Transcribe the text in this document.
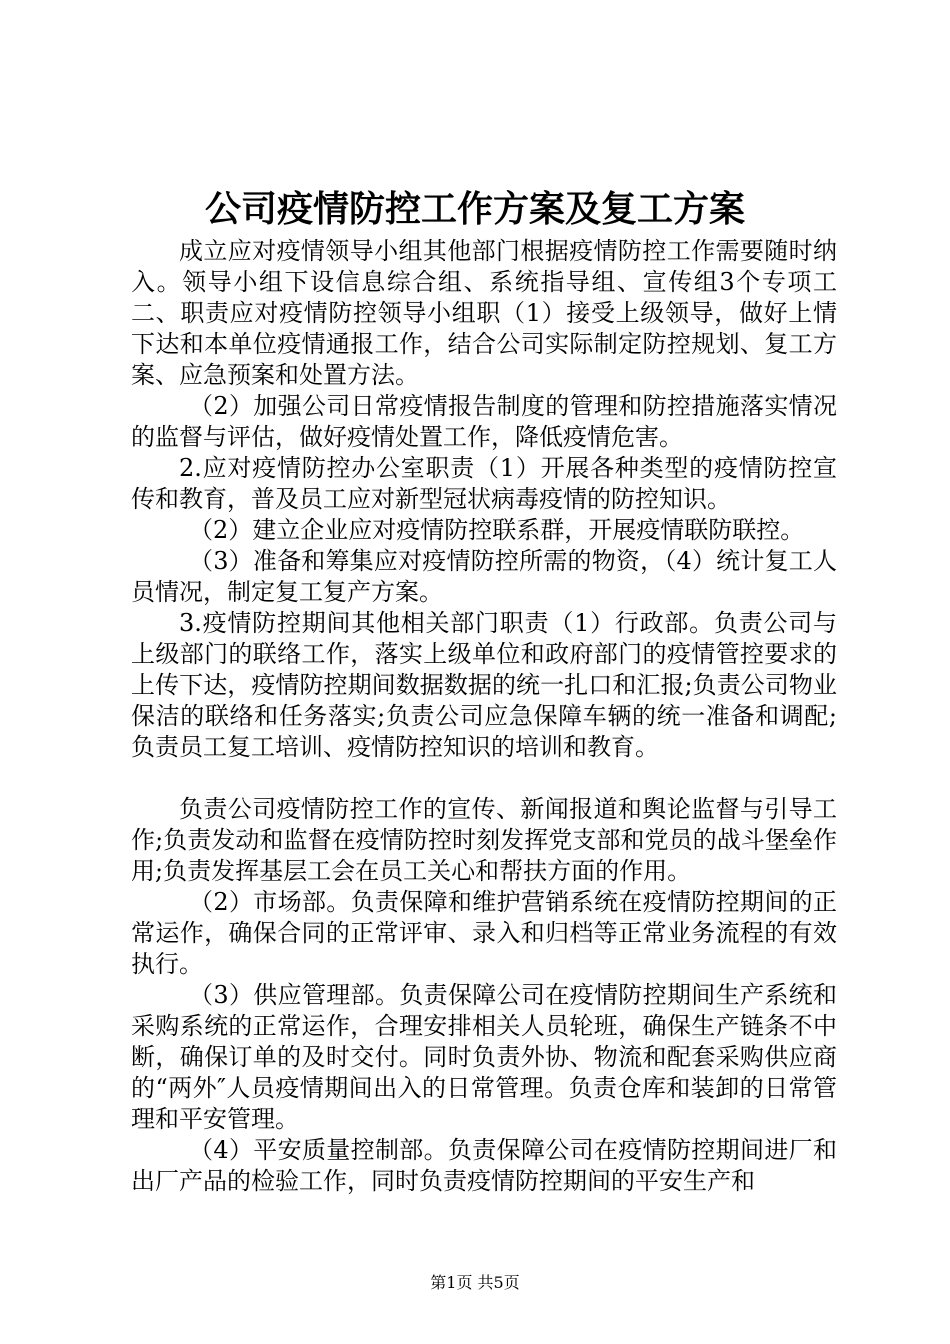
公司疫情防控工作方案及复工方案

成立应对疫情领导小组其他部门根据疫情防控工作需要随时纳入。领导小组下设信息综合组、系统指导组、宣传组3个专项工二、职责应对疫情防控领导小组职（1）接受上级领导，做好上情下达和本单位疫情通报工作，结合公司实际制定防控规划、复工方案、应急预案和处置方法。

（2）加强公司日常疫情报告制度的管理和防控措施落实情况的监督与评估，做好疫情处置工作，降低疫情危害。

2.应对疫情防控办公室职责（1）开展各种类型的疫情防控宣传和教育，普及员工应对新型冠状病毒疫情的防控知识。

（2）建立企业应对疫情防控联系群，开展疫情联防联控。

（3）准备和筹集应对疫情防控所需的物资，（4）统计复工人员情况，制定复工复产方案。

3.疫情防控期间其他相关部门职责（1）行政部。负责公司与上级部门的联络工作，落实上级单位和政府部门的疫情管控要求的上传下达，疫情防控期间数据数据的统一扎口和汇报;负责公司物业保洁的联络和任务落实;负责公司应急保障车辆的统一准备和调配;负责员工复工培训、疫情防控知识的培训和教育。

负责公司疫情防控工作的宣传、新闻报道和舆论监督与引导工作;负责发动和监督在疫情防控时刻发挥党支部和党员的战斗堡垒作用;负责发挥基层工会在员工关心和帮扶方面的作用。

（2）市场部。负责保障和维护营销系统在疫情防控期间的正常运作，确保合同的正常评审、录入和归档等正常业务流程的有效执行。

（3）供应管理部。负责保障公司在疫情防控期间生产系统和采购系统的正常运作，合理安排相关人员轮班，确保生产链条不中断，确保订单的及时交付。同时负责外协、物流和配套采购供应商的“两外″人员疫情期间出入的日常管理。负责仓库和装卸的日常管理和平安管理。

（4）平安质量控制部。负责保障公司在疫情防控期间进厂和出厂产品的检验工作，同时负责疫情防控期间的平安生产和

第1页 共5页
